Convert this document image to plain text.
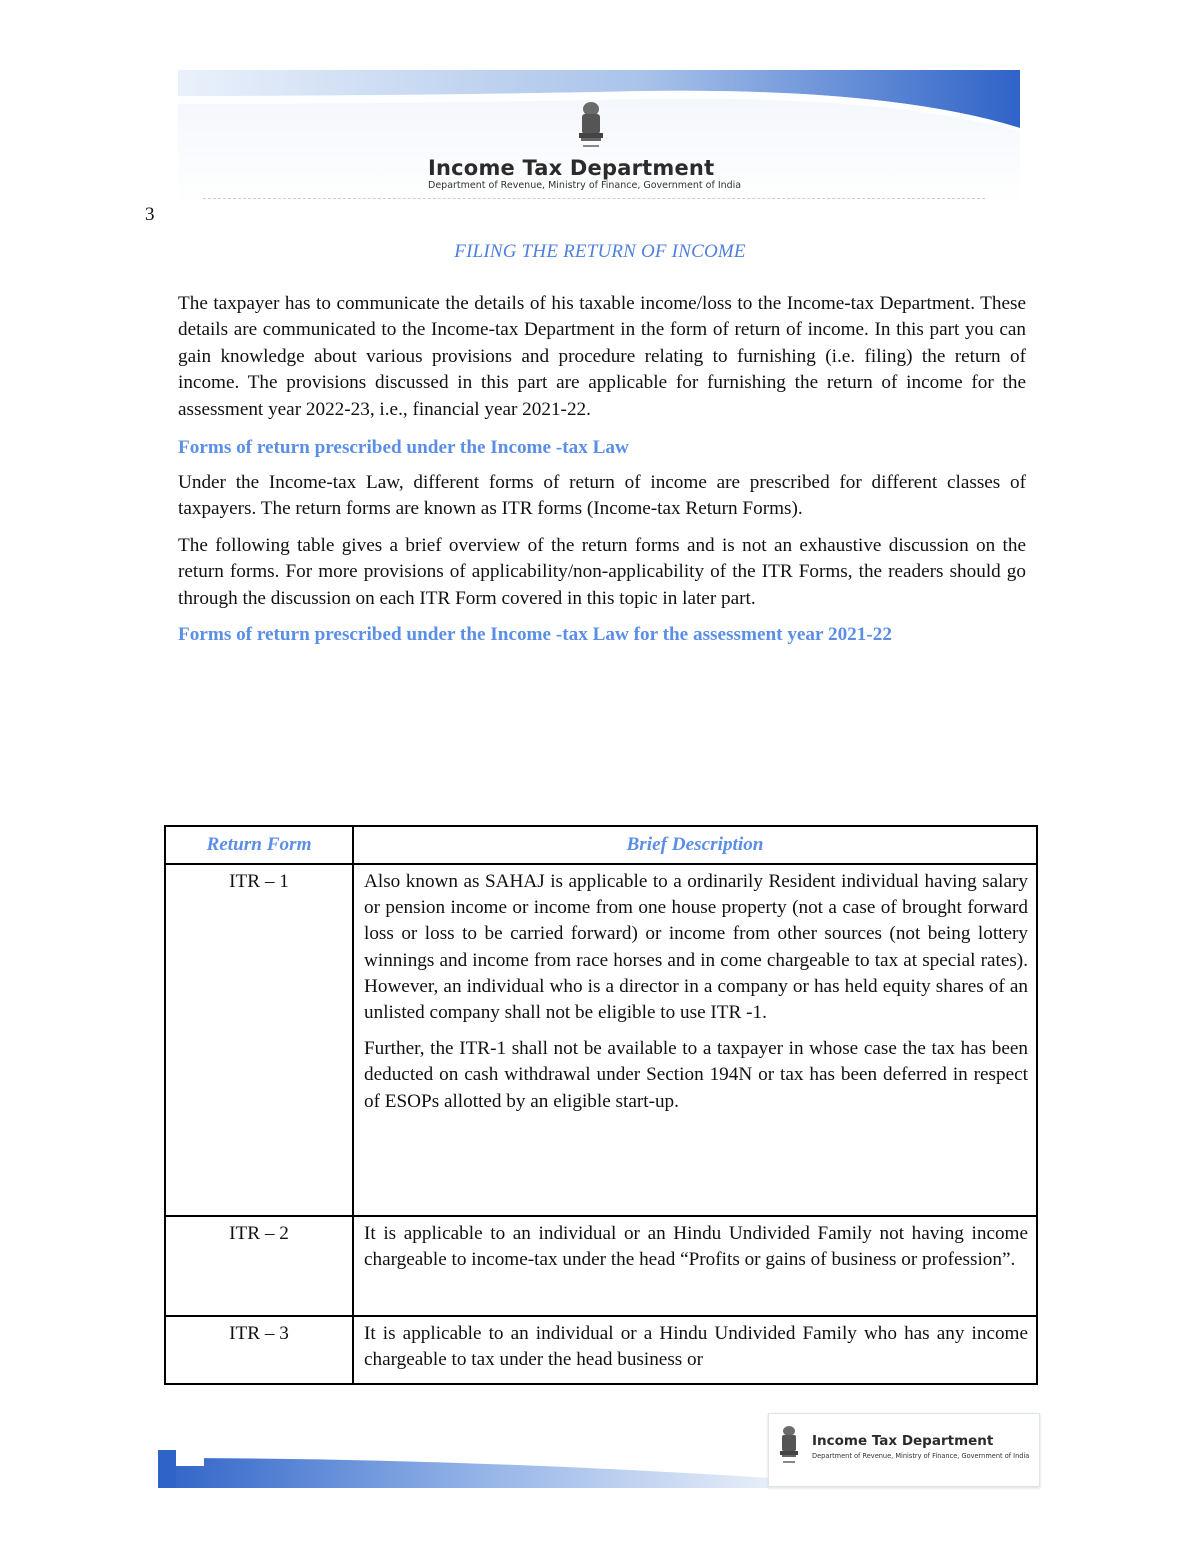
Income Tax Department
Department of Revenue, Ministry of Finance, Government of India
3
FILING THE RETURN OF INCOME

The taxpayer has to communicate the details of his taxable income/loss to the Income-tax Department. These details are communicated to the Income-tax Department in the form of return of income. In this part you can gain knowledge about various provisions and procedure relating to furnishing (i.e. filing) the return of income. The provisions discussed in this part are applicable for furnishing the return of income for the assessment year 2022-23, i.e., financial year 2021-22.

Forms of return prescribed under the Income -tax Law

Under the Income-tax Law, different forms of return of income are prescribed for different classes of taxpayers. The return forms are known as ITR forms (Income-tax Return Forms).

The following table gives a brief overview of the return forms and is not an exhaustive discussion on the return forms. For more provisions of applicability/non-applicability of the ITR Forms, the readers should go through the discussion on each ITR Form covered in this topic in later part.

Forms of return prescribed under the Income -tax Law for the assessment year 2021-22

Return Form	Brief Description
ITR – 1	Also known as SAHAJ is applicable to a ordinarily Resident individual having salary or pension income or income from one house property (not a case of brought forward loss or loss to be carried forward) or income from other sources (not being lottery winnings and income from race horses and in come chargeable to tax at special rates). However, an individual who is a director in a company or has held equity shares of an unlisted company shall not be eligible to use ITR -1.

Further, the ITR-1 shall not be available to a taxpayer in whose case the tax has been deducted on cash withdrawal under Section 194N or tax has been deferred in respect of ESOPs allotted by an eligible start-up.

ITR – 2	It is applicable to an individual or an Hindu Undivided Family not having income chargeable to income-tax under the head “Profits or gains of business or profession”.

ITR – 3	It is applicable to an individual or a Hindu Undivided Family who has any income chargeable to tax under the head business or

Income Tax Department
Department of Revenue, Ministry of Finance, Government of India
